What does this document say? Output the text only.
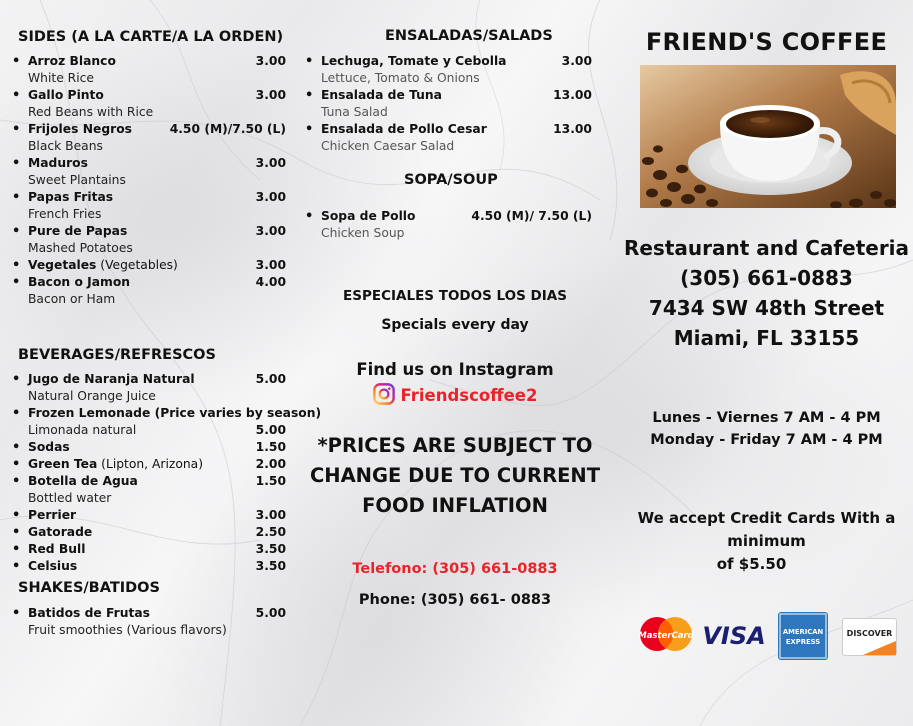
SIDES (A LA CARTE/A LA ORDEN)
• Arroz Blanco	3.00
White Rice
• Gallo Pinto	3.00
Red Beans with Rice
• Frijoles Negros	4.50 (M)/7.50 (L)
Black Beans
• Maduros	3.00
Sweet Plantains
• Papas Fritas	3.00
French Fries
• Pure de Papas	3.00
Mashed Potatoes
• Vegetales (Vegetables)	3.00
• Bacon o Jamon	4.00
Bacon or Ham
BEVERAGES/REFRESCOS
• Jugo de Naranja Natural	5.00
Natural Orange Juice
• Frozen Lemonade (Price varies by season)
Limonada natural	5.00
• Sodas	1.50
• Green Tea (Lipton, Arizona)	2.00
• Botella de Agua	1.50
Bottled water
• Perrier	3.00
• Gatorade	2.50
• Red Bull	3.50
• Celsius	3.50
SHAKES/BATIDOS
• Batidos de Frutas	5.00
Fruit smoothies (Various flavors)
ENSALADAS/SALADS
• Lechuga, Tomate y Cebolla	3.00
Lettuce, Tomato & Onions
• Ensalada de Tuna	13.00
Tuna Salad
• Ensalada de Pollo Cesar	13.00
Chicken Caesar Salad
SOPA/SOUP
• Sopa de Pollo	4.50 (M)/ 7.50 (L)
Chicken Soup
ESPECIALES TODOS LOS DIAS
Specials every day
Find us on Instagram
Friendscoffee2
*PRICES ARE SUBJECT TO
CHANGE DUE TO CURRENT
FOOD INFLATION
Telefono: (305) 661-0883
Phone: (305) 661- 0883
FRIEND'S COFFEE
Restaurant and Cafeteria
(305) 661-0883
7434 SW 48th Street
Miami, FL 33155
Lunes - Viernes 7 AM - 4 PM
Monday - Friday 7 AM - 4 PM
We accept Credit Cards With a
minimum
of $5.50
MasterCard VISA	AMERICAN
EXPRESS
DISCOVER
